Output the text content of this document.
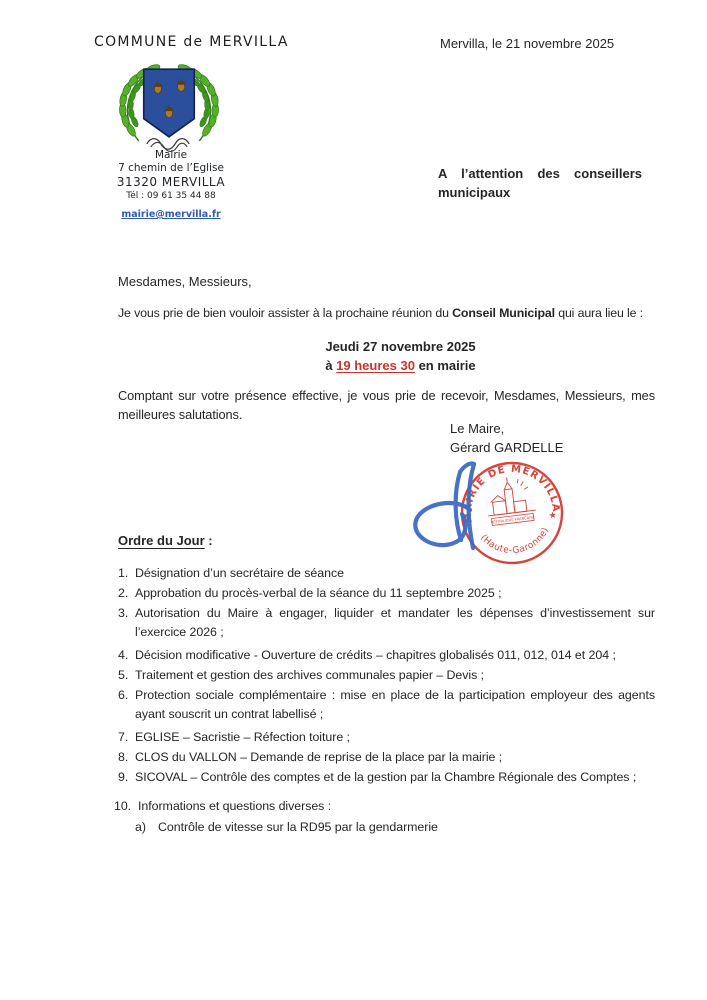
COMMUNE de MERVILLA
Mairie
7 chemin de l’Eglise
31320 MERVILLA
Tél : 09 61 35 44 88
mairie@mervilla.fr
Mervilla, le 21 novembre 2025
A l’attention des conseillers municipaux
Mesdames, Messieurs,
Je vous prie de bien vouloir assister à la prochaine réunion du Conseil Municipal qui aura lieu le :
Jeudi 27 novembre 2025
à 19 heures 30 en mairie
Comptant sur votre présence effective, je vous prie de recevoir, Mesdames, Messieurs, mes meilleures salutations.
Le Maire,
Gérard GARDELLE
MAIRIE DE MERVILLA
(Haute-Garonne)
★
RÉPUBLIQUE FRANÇAISE
Ordre du Jour :
1. Désignation d’un secrétaire de séance
2. Approbation du procès-verbal de la séance du 11 septembre 2025 ;
3. Autorisation du Maire à engager, liquider et mandater les dépenses d’investissement sur l’exercice 2026 ;
4. Décision modificative - Ouverture de crédits – chapitres globalisés 011, 012, 014 et 204 ;
5. Traitement et gestion des archives communales papier – Devis ;
6. Protection sociale complémentaire : mise en place de la participation employeur des agents ayant souscrit un contrat labellisé ;
7. EGLISE – Sacristie – Réfection toiture ;
8. CLOS du VALLON – Demande de reprise de la place par la mairie ;
9. SICOVAL – Contrôle des comptes et de la gestion par la Chambre Régionale des Comptes ;
10. Informations et questions diverses :
a) Contrôle de vitesse sur la RD95 par la gendarmerie
